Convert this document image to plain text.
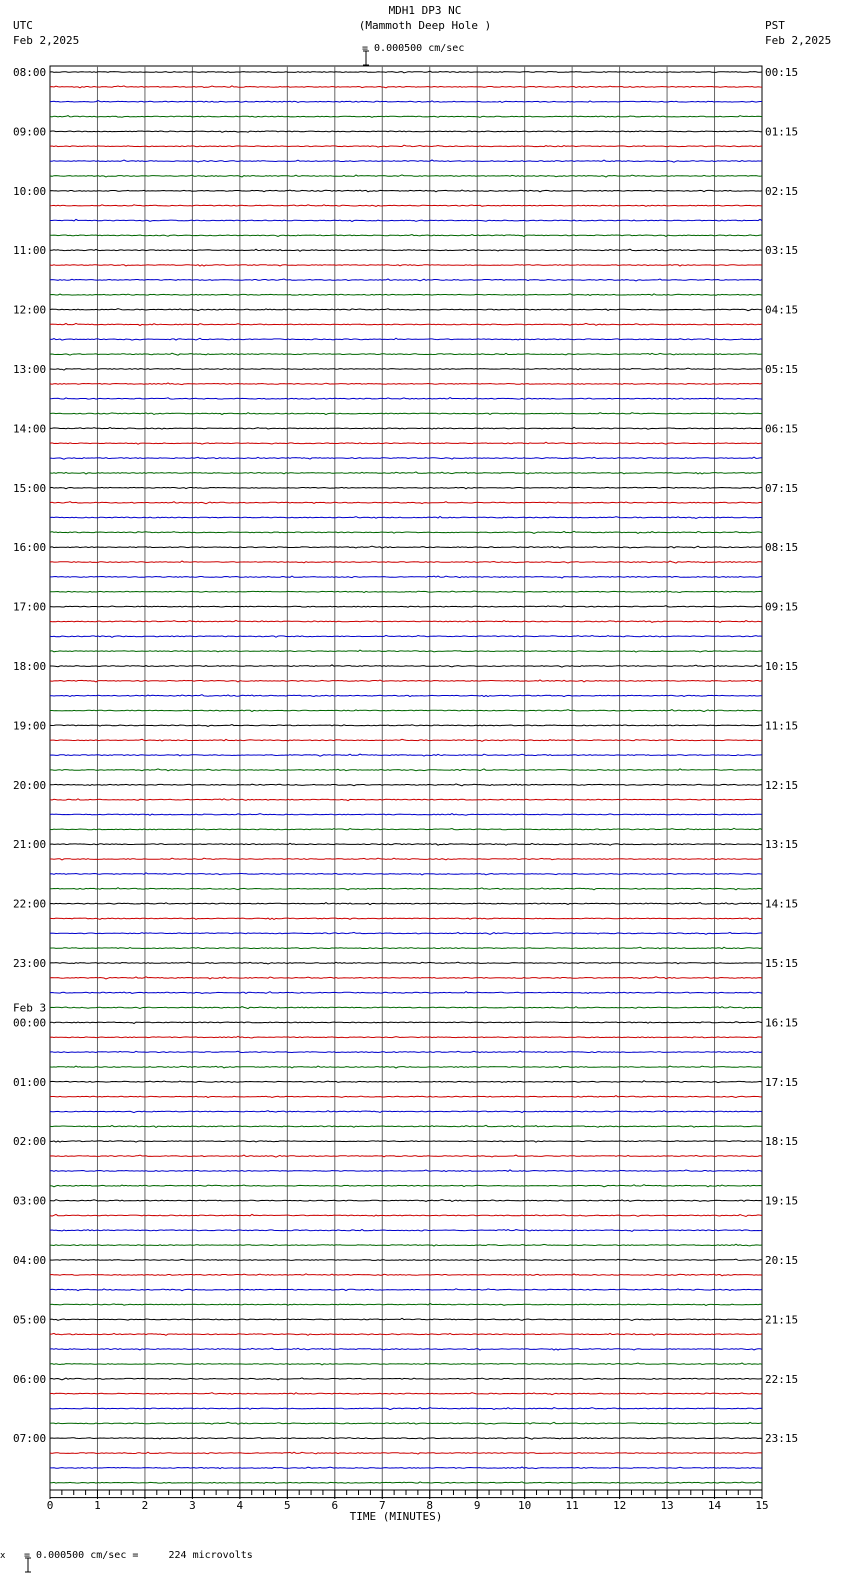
MDH1 DP3 NC
(Mammoth Deep Hole )

= 0.000500 cm/sec
UTC
Feb 2,2025
PST
Feb 2,2025
08:00
09:00
10:00
11:00
12:00
13:00
14:00
15:00
16:00
17:00
18:00
19:00
20:00
21:00
22:00
23:00
00:00
01:00
02:00
03:00
04:00
05:00
06:00
07:00
Feb 3
00:15
01:15
02:15
03:15
04:15
05:15
06:15
07:15
08:15
09:15
10:15
11:15
12:15
13:15
14:15
15:15
16:15
17:15
18:15
19:15
20:15
21:15
22:15
23:15
0	1	2	3	4	5	6	7	8	9	10	11	12	13	14	15
TIME (MINUTES)
x

= 0.000500 cm/sec =     224 microvolts
